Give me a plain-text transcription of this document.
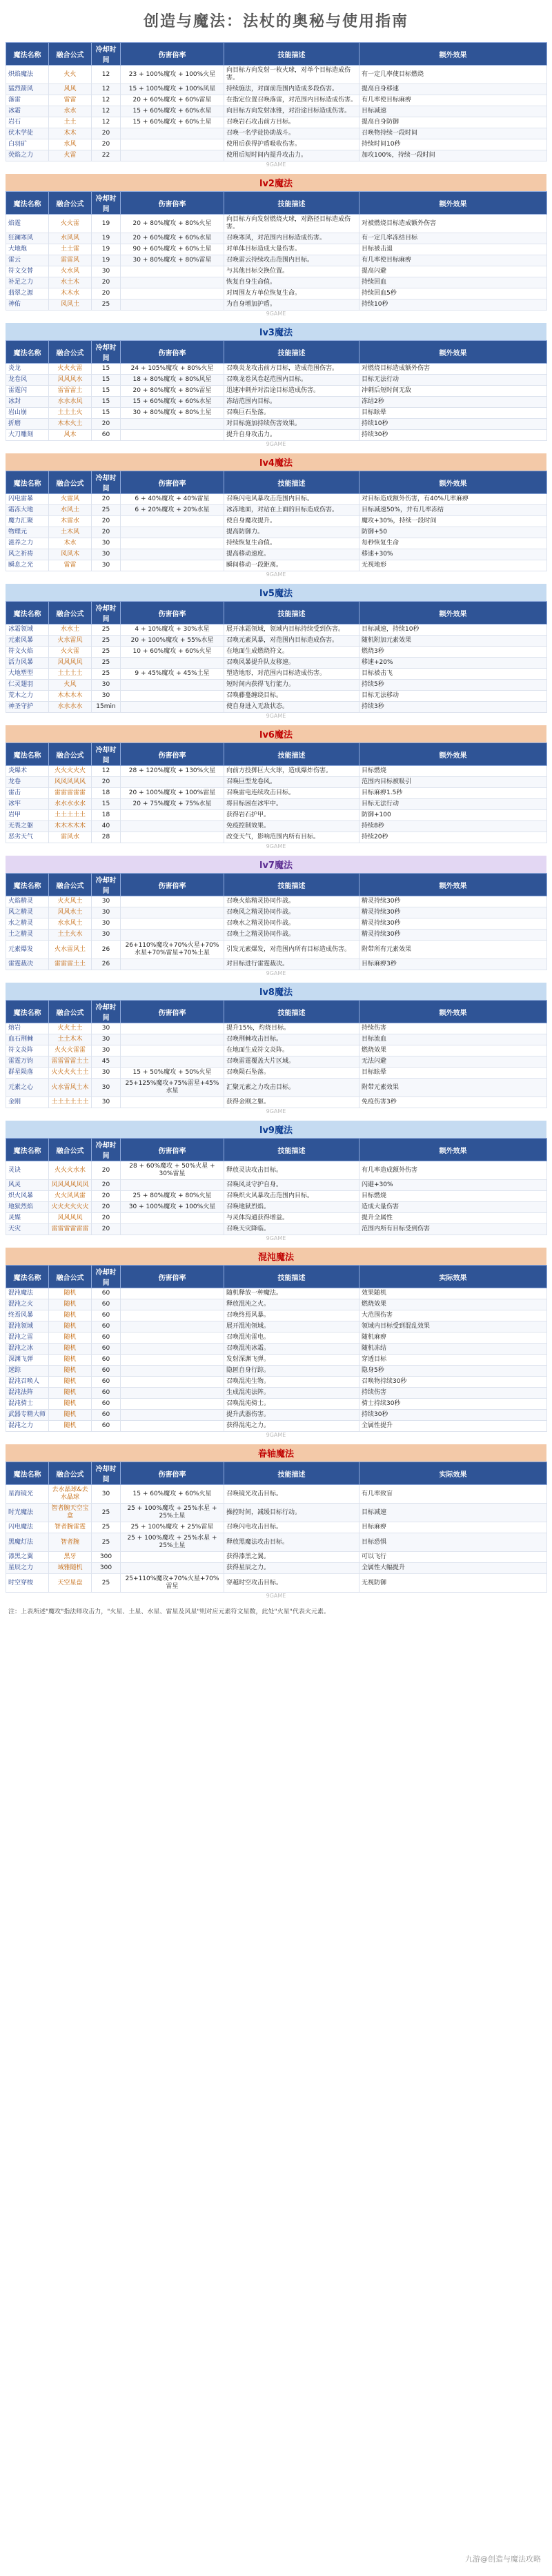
创造与魔法：法杖的奥秘与使用指南
魔法名称	融合公式	冷却时间	伤害倍率	技能描述	额外效果
炽焰魔法	火火	12	23 + 100%魔攻 + 100%火星	向目标方向发射一枚火球，对单个目标造成伤害。	有一定几率使目标燃烧
猛烈箭风	风风	12	15 + 100%魔攻 + 100%风星	持续施法，对面前范围内造成多段伤害。	提高自身移速
落雷	雷雷	12	20 + 60%魔攻 + 60%雷星	在指定位置召唤落雷，对范围内目标造成伤害。	有几率使目标麻痹
冰霜	水水	12	15 + 60%魔攻 + 60%水星	向目标方向发射冰锥，对沿途目标造成伤害。	目标减速
岩石	土土	12	15 + 60%魔攻 + 60%土星	召唤岩石攻击前方目标。	提高自身防御
伏木学徒	木木	20		召唤一名学徒协助战斗。	召唤物持续一段时间
白羽矿	水风	20		使用后获得护盾吸收伤害。	持续时间10秒
荧焰之力	火雷	22		使用后短时间内提升攻击力。	加攻100%，持续一段时间
9GAME
lv2魔法
魔法名称	融合公式	冷却时间	伤害倍率	技能描述	额外效果
焰霆	火火雷	19	20 + 80%魔攻 + 80%火星	向目标方向发射燃烧火球，对路径目标造成伤害。	对被燃烧目标造成额外伤害
狂澜寒风	水风风	19	20 + 60%魔攻 + 60%水星	召唤寒风，对范围内目标造成伤害。	有一定几率冻结目标
大地炮	土土雷	19	90 + 60%魔攻 + 60%土星	对单体目标造成大量伤害。	目标被击退
雷云	雷雷风	19	30 + 80%魔攻 + 80%雷星	召唤雷云持续攻击范围内目标。	有几率使目标麻痹
符文交替	火水风	30		与其他目标交换位置。	提高闪避
补足之力	水土木	20		恢复自身生命值。	持续回血
翡翠之源	木木水	20		对周围友方单位恢复生命。	持续回血5秒
神佑	风风土	25		为自身增加护盾。	持续10秒
9GAME
lv3魔法
魔法名称	融合公式	冷却时间	伤害倍率	技能描述	额外效果
炎龙	火火火雷	15	24 + 105%魔攻 + 80%火星	召唤炎龙攻击前方目标，造成范围伤害。	对燃烧目标造成额外伤害
龙卷风	风风风水	15	18 + 80%魔攻 + 80%风星	召唤龙卷风卷起范围内目标。	目标无法行动
雷霆闪	雷雷雷土	15	20 + 80%魔攻 + 80%雷星	迅速冲刺并对沿途目标造成伤害。	冲刺后短时间无敌
冰封	水水水风	15	15 + 60%魔攻 + 60%水星	冻结范围内目标。	冻结2秒
岩山崩	土土土火	15	30 + 80%魔攻 + 80%土星	召唤巨石坠落。	目标眩晕
折磨	木木火土	20		对目标施加持续伤害效果。	持续10秒
大刀雕刻	风木	60		提升自身攻击力。	持续30秒
9GAME
lv4魔法
魔法名称	融合公式	冷却时间	伤害倍率	技能描述	额外效果
闪电雷暴	火雷风	20	6 + 40%魔攻 + 40%雷星	召唤闪电风暴攻击范围内目标。	对目标造成额外伤害，有40%几率麻痹
霜冻大地	水风土	25	6 + 20%魔攻 + 20%水星	冰冻地面，对站在上面的目标造成伤害。	目标减速50%，并有几率冻结
魔力汇聚	木雷水	20		使自身魔攻提升。	魔攻+30%，持续一段时间
物理元	土木风	20		提高防御力。	防御+50
滋养之力	木水	30		持续恢复生命值。	每秒恢复生命
风之祈祷	风风木	30		提高移动速度。	移速+30%
瞬息之光	雷雷	30		瞬间移动一段距离。	无视地形
9GAME
lv5魔法
魔法名称	融合公式	冷却时间	伤害倍率	技能描述	额外效果
冰霜领域	水水土	25	4 + 10%魔攻 + 30%水星	展开冰霜领域，领域内目标持续受到伤害。	目标减速，持续10秒
元素风暴	火水雷风	25	20 + 100%魔攻 + 55%水星	召唤元素风暴，对范围内目标造成伤害。	随机附加元素效果
符文火焰	火火雷	25	10 + 60%魔攻 + 60%火星	在地面生成燃烧符文。	燃烧3秒
活力风暴	风风风风	25		召唤风暴提升队友移速。	移速+20%
大地塑型	土土土土	25	9 + 45%魔攻 + 45%土星	塑造地形，对范围内目标造成伤害。	目标被击飞
仁灵翅羽	火风	30		短时间内获得飞行能力。	持续5秒
荒木之力	木木木木	30		召唤藤蔓缠绕目标。	目标无法移动
神圣守护	水水水水	15min		使自身进入无敌状态。	持续3秒
9GAME
lv6魔法
魔法名称	融合公式	冷却时间	伤害倍率	技能描述	额外效果
炎爆术	火火火火火	12	28 + 120%魔攻 + 130%火星	向前方投掷巨大火球，造成爆炸伤害。	目标燃烧
龙卷	风风风风风	20		召唤巨型龙卷风。	范围内目标被吸引
雷击	雷雷雷雷雷	18	20 + 100%魔攻 + 100%雷星	召唤雷电连续攻击目标。	目标麻痹1.5秒
冰牢	水水水水水	15	20 + 75%魔攻 + 75%水星	将目标困在冰牢中。	目标无法行动
岩甲	土土土土土	18		获得岩石护甲。	防御+100
无畏之躯	木木木木木	40		免疫控制效果。	持续8秒
恶劣天气	雷风水	28		改变天气，影响范围内所有目标。	持续20秒
9GAME
lv7魔法
魔法名称	融合公式	冷却时间	伤害倍率	技能描述	额外效果
火焰精灵	火火风土	30		召唤火焰精灵协同作战。	精灵持续30秒
风之精灵	风风水土	30		召唤风之精灵协同作战。	精灵持续30秒
水之精灵	水水风土	30		召唤水之精灵协同作战。	精灵持续30秒
土之精灵	土土火水	30		召唤土之精灵协同作战。	精灵持续30秒
元素爆发	火水雷风土	26	26+110%魔攻+70%火星+70%水星+70%雷星+70%土星	引发元素爆发，对范围内所有目标造成伤害。	附带所有元素效果
雷霆裁决	雷雷雷土土	26		对目标进行雷霆裁决。	目标麻痹3秒
9GAME
lv8魔法
魔法名称	融合公式	冷却时间	伤害倍率	技能描述	额外效果
熔岩	火火土土	30		提升15%，灼烧目标。	持续伤害
血石荆棘	土土木木	30		召唤荆棘攻击目标。	目标流血
符文炎阵	火火火雷雷	30		在地面生成符文炎阵。	燃烧效果
雷霆万钧	雷雷雷雷土土	45		召唤雷霆覆盖大片区域。	无法闪避
群星陨落	火火火火土土	30	15 + 50%魔攻 + 50%火星	召唤陨石坠落。	目标眩晕
元素之心	火水雷风土木	30	25+125%魔攻+75%雷星+45%水星	汇聚元素之力攻击目标。	附带元素效果
金刚	土土土土土土	30		获得金刚之躯。	免疫伤害3秒
9GAME
lv9魔法
魔法名称	融合公式	冷却时间	伤害倍率	技能描述	额外效果
灵诀	火火火水水	20	28 + 60%魔攻 + 50%火星 + 30%雷星	释放灵诀攻击目标。	有几率造成额外伤害
风灵	风风风风风风	20		召唤风灵守护自身。	闪避+30%
炽火风暴	火火风风雷	20	25 + 80%魔攻 + 80%火星	召唤炽火风暴攻击范围内目标。	目标燃烧
地狱烈焰	火火火火火火	20	30 + 100%魔攻 + 100%火星	召唤地狱烈焰。	造成大量伤害
灵媒	风风风风	20		与灵体沟通获得增益。	提升全属性
天灾	雷雷雷雷雷雷	20		召唤天灾降临。	范围内所有目标受到伤害
9GAME
混沌魔法
魔法名称	融合公式	冷却时间	伤害倍率	技能描述	实际效果
混沌魔法	随机	60		随机释放一种魔法。	效果随机
混沌之火	随机	60		释放混沌之火。	燃烧效果
终焉风暴	随机	60		召唤终焉风暴。	大范围伤害
混沌领域	随机	60		展开混沌领域。	领域内目标受到混乱效果
混沌之雷	随机	60		召唤混沌雷电。	随机麻痹
混沌之冰	随机	60		召唤混沌冰霜。	随机冻结
深渊飞弹	随机	60		发射深渊飞弹。	穿透目标
迷踪	随机	60		隐匿自身行踪。	隐身5秒
混沌召唤人	随机	60		召唤混沌生物。	召唤物持续30秒
混沌法阵	随机	60		生成混沌法阵。	持续伤害
混沌骑士	随机	60		召唤混沌骑士。	骑士持续30秒
武器专精大师	随机	60		提升武器伤害。	持续30秒
混沌之力	随机	60		获得混沌之力。	全属性提升
9GAME
眷轴魔法
魔法名称	融合公式	冷却时间	伤害倍率	技能描述	实际效果
星海镜光	去水晶球&去水晶球	30	15 + 60%魔攻 + 60%火星	召唤镜光攻击目标。	有几率致盲
时光魔法	智者腕天空宝盒	25	25 + 100%魔攻 + 25%水星 + 25%土星	操控时间，减缓目标行动。	目标减速
闪电魔法	智者腕雷霆	25	25 + 100%魔攻 + 25%雷星	召唤闪电攻击目标。	目标麻痹
黑魔灯法	智者腕	25	25 + 100%魔攻 + 25%水星 + 25%土星	释放黑魔法攻击目标。	目标恐惧
漆黑之翼	黑牙	300		获得漆黑之翼。	可以飞行
星辰之力	域雅随机	300		获得星辰之力。	全属性大幅提升
时空穿梭	天空星盘	25	25+110%魔攻+70%火星+70%雷星	穿越时空攻击目标。	无视防御
9GAME
注：上表所述"魔攻"指法师攻击力，"火星、土星、水星、雷星及风星"则对应元素符文星数，此处"火星"代表火元素。
九游@创造与魔法攻略
